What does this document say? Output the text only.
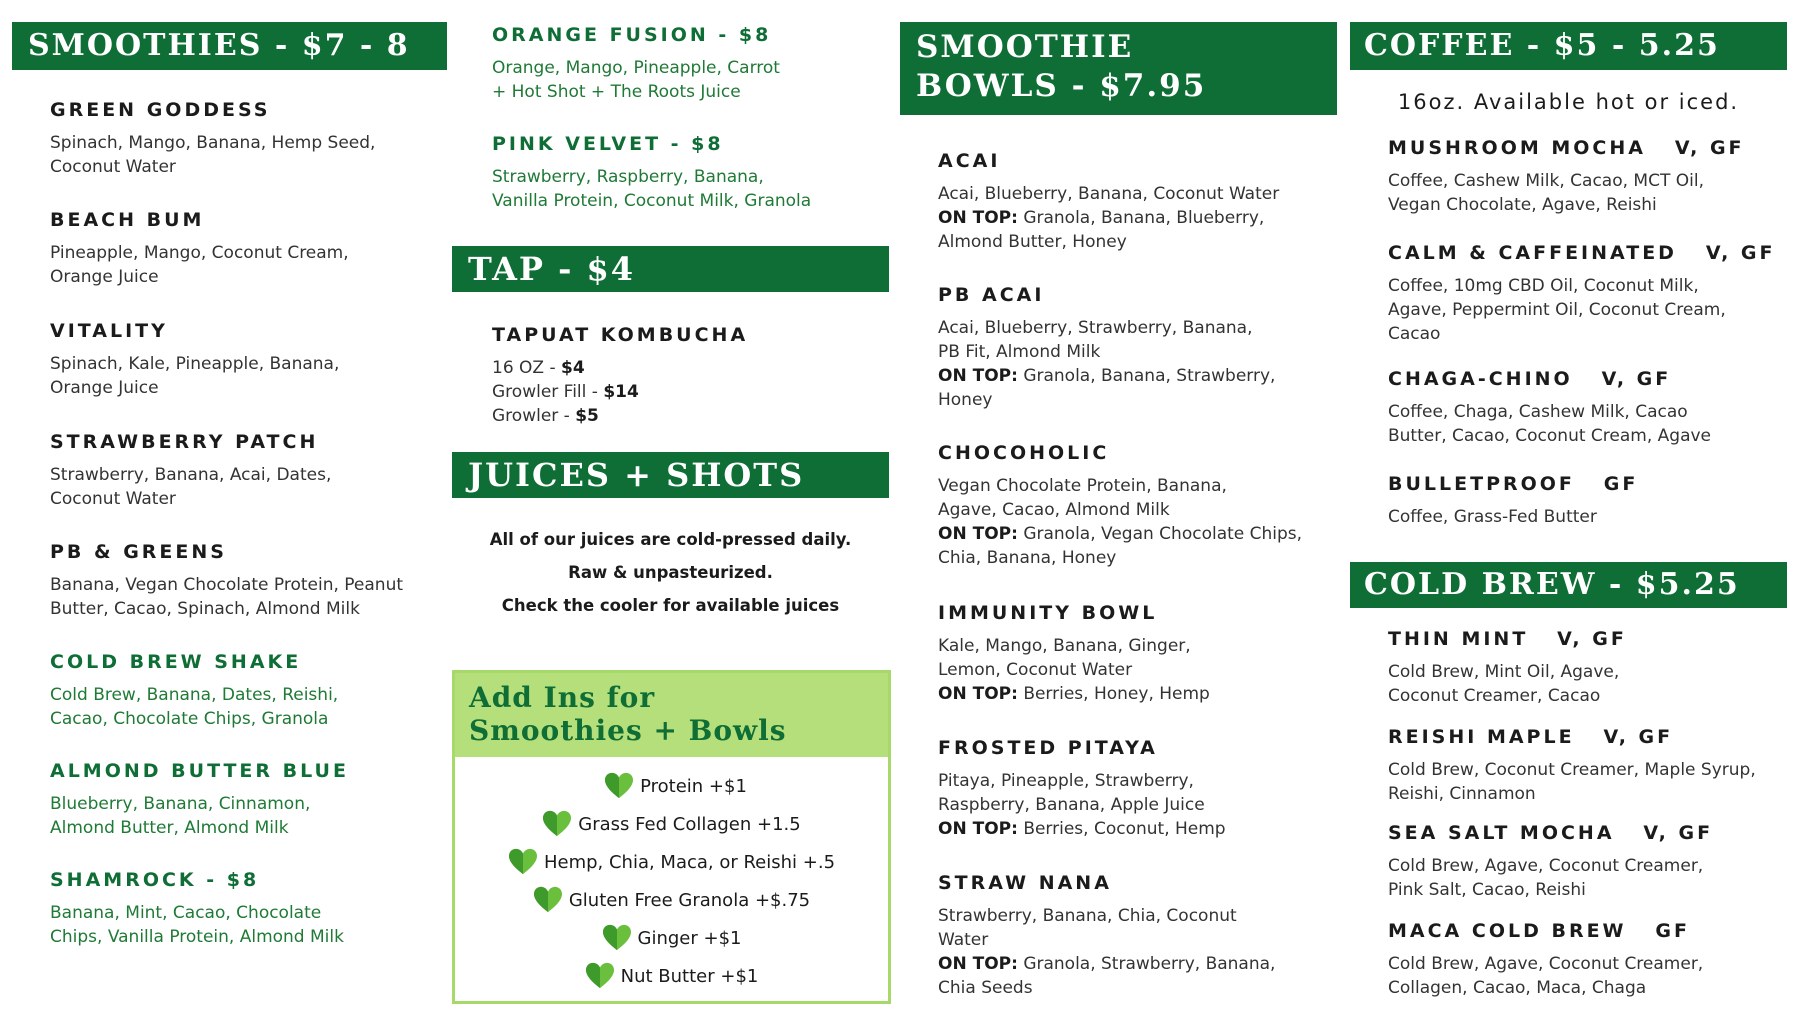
SMOOTHIES - $7 - 8
GREEN GODDESS
Spinach, Mango, Banana, Hemp Seed,
Coconut Water
BEACH BUM
Pineapple, Mango, Coconut Cream,
Orange Juice
VITALITY
Spinach, Kale, Pineapple, Banana,
Orange Juice
STRAWBERRY PATCH
Strawberry, Banana, Acai, Dates,
Coconut Water
PB & GREENS
Banana, Vegan Chocolate Protein, Peanut
Butter, Cacao, Spinach, Almond Milk
COLD BREW SHAKE
Cold Brew, Banana, Dates, Reishi,
Cacao, Chocolate Chips, Granola
ALMOND BUTTER BLUE
Blueberry, Banana, Cinnamon,
Almond Butter, Almond Milk
SHAMROCK - $8
Banana, Mint, Cacao, Chocolate
Chips, Vanilla Protein, Almond Milk
ORANGE FUSION - $8
Orange, Mango, Pineapple, Carrot
+ Hot Shot + The Roots Juice
PINK VELVET - $8
Strawberry, Raspberry, Banana,
Vanilla Protein, Coconut Milk, Granola
TAP - $4
TAPUAT KOMBUCHA
16 OZ - $4
Growler Fill - $14
Growler - $5
JUICES + SHOTS
All of our juices are cold-pressed daily.
Raw & unpasteurized.
Check the cooler for available juices
Add Ins for
Smoothies + Bowls
Protein +$1
Grass Fed Collagen +1.5
Hemp, Chia, Maca, or Reishi +.5
Gluten Free Granola +$.75
Ginger +$1
Nut Butter +$1
SMOOTHIE
BOWLS - $7.95
ACAI
Acai, Blueberry, Banana, Coconut Water
ON TOP: Granola, Banana, Blueberry,
Almond Butter, Honey
PB ACAI
Acai, Blueberry, Strawberry, Banana,
PB Fit, Almond Milk
ON TOP: Granola, Banana, Strawberry,
Honey
CHOCOHOLIC
Vegan Chocolate Protein, Banana,
Agave, Cacao, Almond Milk
ON TOP: Granola, Vegan Chocolate Chips,
Chia, Banana, Honey
IMMUNITY BOWL
Kale, Mango, Banana, Ginger,
Lemon, Coconut Water
ON TOP: Berries, Honey, Hemp
FROSTED PITAYA
Pitaya, Pineapple, Strawberry,
Raspberry, Banana, Apple Juice
ON TOP: Berries, Coconut, Hemp
STRAW NANA
Strawberry, Banana, Chia, Coconut
Water
ON TOP: Granola, Strawberry, Banana,
Chia Seeds
COFFEE - $5 - 5.25
16oz. Available hot or iced.
MUSHROOM MOCHA V, GF
Coffee, Cashew Milk, Cacao, MCT Oil,
Vegan Chocolate, Agave, Reishi
CALM & CAFFEINATED V, GF
Coffee, 10mg CBD Oil, Coconut Milk,
Agave, Peppermint Oil, Coconut Cream,
Cacao
CHAGA-CHINO V, GF
Coffee, Chaga, Cashew Milk, Cacao
Butter, Cacao, Coconut Cream, Agave
BULLETPROOF GF
Coffee, Grass-Fed Butter
COLD BREW - $5.25
THIN MINT V, GF
Cold Brew, Mint Oil, Agave,
Coconut Creamer, Cacao
REISHI MAPLE V, GF
Cold Brew, Coconut Creamer, Maple Syrup,
Reishi, Cinnamon
SEA SALT MOCHA V, GF
Cold Brew, Agave, Coconut Creamer,
Pink Salt, Cacao, Reishi
MACA COLD BREW GF
Cold Brew, Agave, Coconut Creamer,
Collagen, Cacao, Maca, Chaga
